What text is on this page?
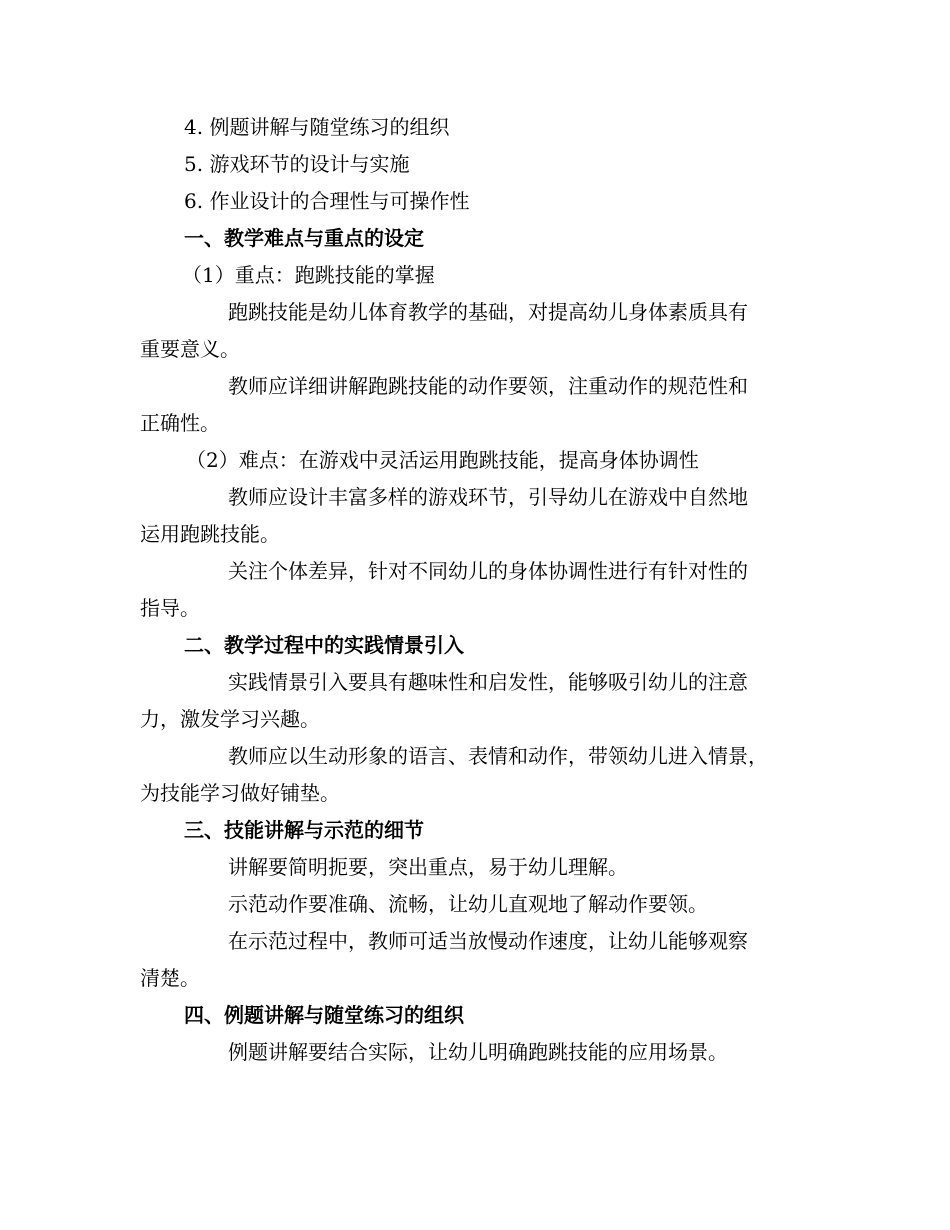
4. 例题讲解与随堂练习的组织
5. 游戏环节的设计与实施
6. 作业设计的合理性与可操作性
一、教学难点与重点的设定
（1）重点：跑跳技能的掌握
跑跳技能是幼儿体育教学的基础，对提高幼儿身体素质具有
重要意义。
教师应详细讲解跑跳技能的动作要领，注重动作的规范性和
正确性。
（2）难点：在游戏中灵活运用跑跳技能，提高身体协调性
教师应设计丰富多样的游戏环节，引导幼儿在游戏中自然地
运用跑跳技能。
关注个体差异，针对不同幼儿的身体协调性进行有针对性的
指导。
二、教学过程中的实践情景引入
实践情景引入要具有趣味性和启发性，能够吸引幼儿的注意
力，激发学习兴趣。
教师应以生动形象的语言、表情和动作，带领幼儿进入情景，
为技能学习做好铺垫。
三、技能讲解与示范的细节
讲解要简明扼要，突出重点，易于幼儿理解。
示范动作要准确、流畅，让幼儿直观地了解动作要领。
在示范过程中，教师可适当放慢动作速度，让幼儿能够观察
清楚。
四、例题讲解与随堂练习的组织
例题讲解要结合实际，让幼儿明确跑跳技能的应用场景。
